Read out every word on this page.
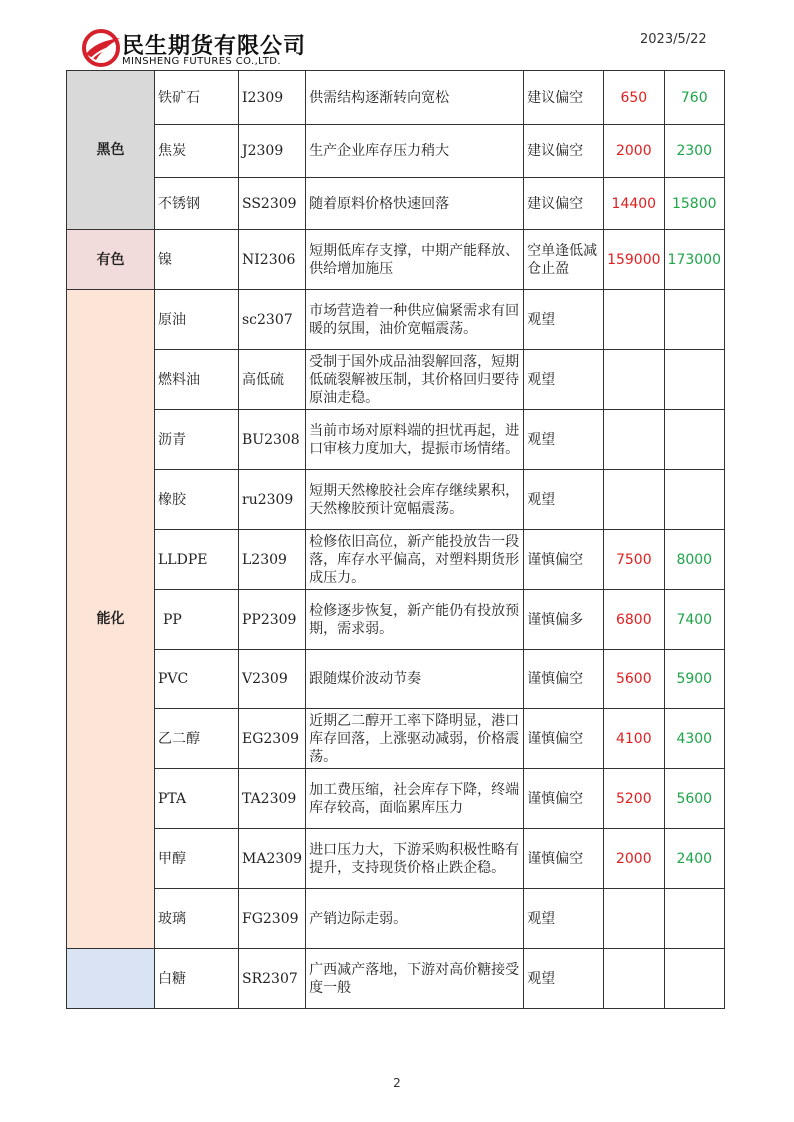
民生期货有限公司
MINSHENG FUTURES CO.,LTD.
2023/5/22
黑色	铁矿石	I2309	供需结构逐渐转向宽松	建议偏空	650	760
	焦炭	J2309	生产企业库存压力稍大	建议偏空	2000	2300
	不锈钢	SS2309	随着原料价格快速回落	建议偏空	14400	15800
有色	镍	NI2306	短期低库存支撑，中期产能释放、供给增加施压	空单逢低减仓止盈	159000	173000
能化	原油	sc2307	市场营造着一种供应偏紧需求有回暖的氛围，油价宽幅震荡。	观望		
	燃料油	高低硫	受制于国外成品油裂解回落，短期低硫裂解被压制，其价格回归要待原油走稳。	观望		
	沥青	BU2308	当前市场对原料端的担忧再起，进口审核力度加大，提振市场情绪。	观望		
	橡胶	ru2309	短期天然橡胶社会库存继续累积，天然橡胶预计宽幅震荡。	观望		
	LLDPE	L2309	检修依旧高位，新产能投放告一段落，库存水平偏高，对塑料期货形成压力。	谨慎偏空	7500	8000
	PP	PP2309	检修逐步恢复，新产能仍有投放预期，需求弱。	谨慎偏多	6800	7400
	PVC	V2309	跟随煤价波动节奏	谨慎偏空	5600	5900
	乙二醇	EG2309	近期乙二醇开工率下降明显，港口库存回落，上涨驱动减弱，价格震荡。	谨慎偏空	4100	4300
	PTA	TA2309	加工费压缩，社会库存下降，终端库存较高，面临累库压力	谨慎偏空	5200	5600
	甲醇	MA2309	进口压力大，下游采购积极性略有提升，支持现货价格止跌企稳。	谨慎偏空	2000	2400
	玻璃	FG2309	产销边际走弱。	观望		
	白糖	SR2307	广西减产落地，下游对高价糖接受度一般	观望		
2
